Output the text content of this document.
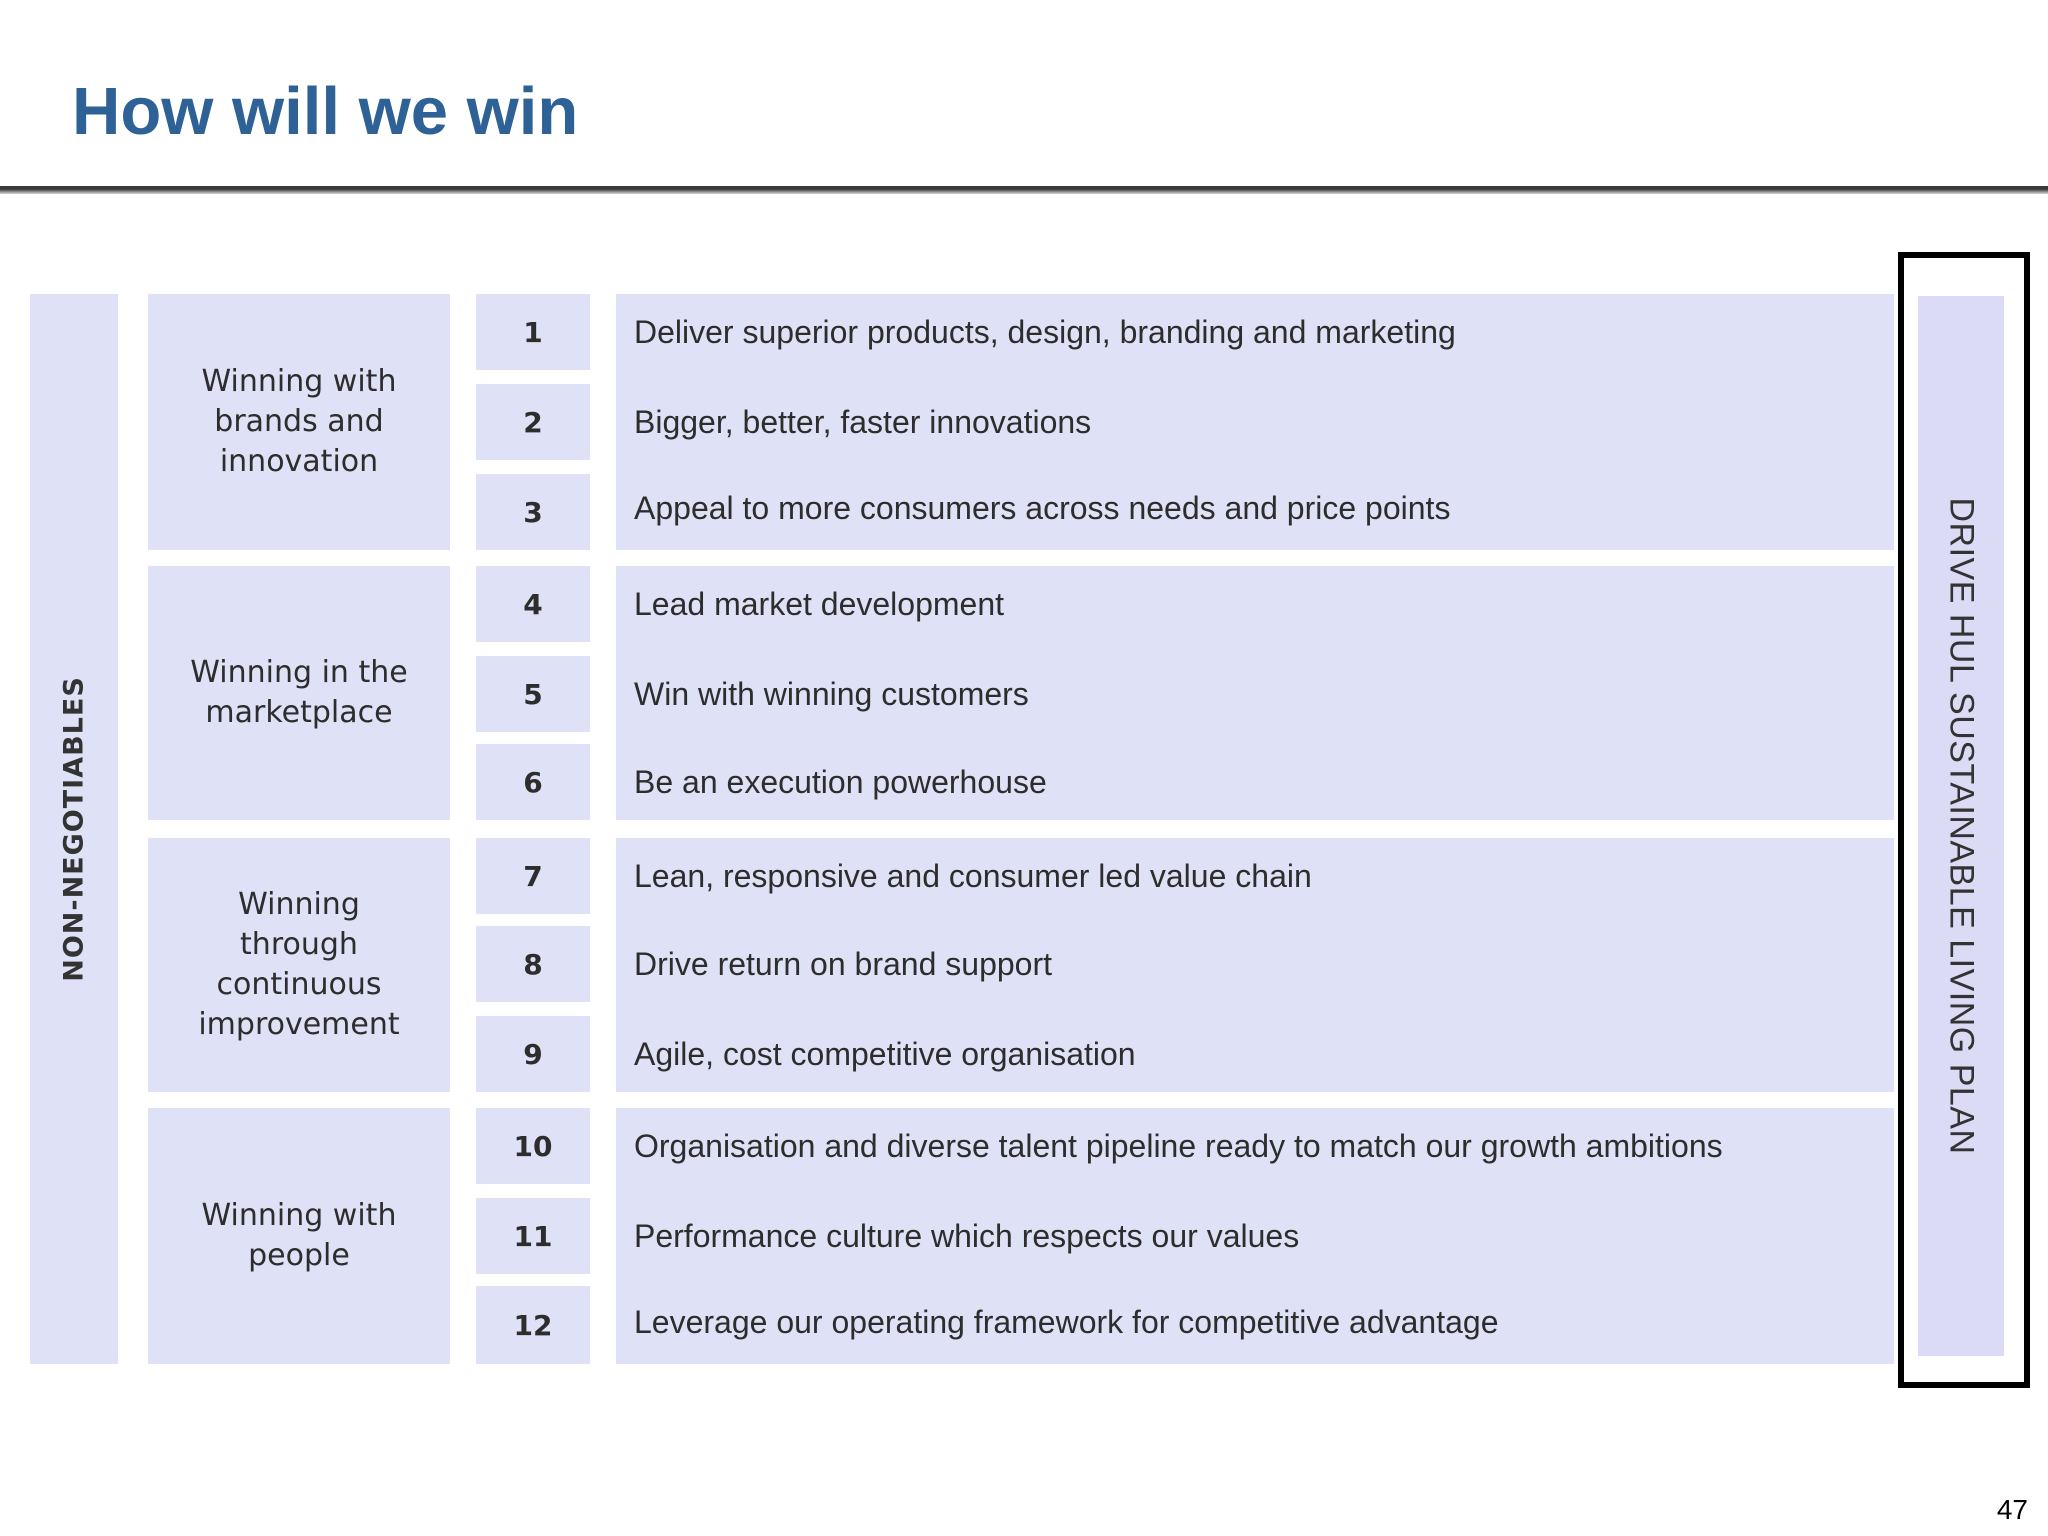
How will we win
NON-NEGOTIABLES
Winning with brands and innovation
Winning in the marketplace
Winning through continuous improvement
Winning with people
1
2
3
4
5
6
7
8
9
10
11
12
Deliver superior products, design, branding and marketing
Bigger, better, faster innovations
Appeal to more consumers across needs and price points
Lead market development
Win with winning customers
Be an execution powerhouse
Lean, responsive and consumer led value chain
Drive return on brand support
Agile, cost competitive organisation
Organisation and diverse talent pipeline ready to match our growth ambitions
Performance culture which respects our values
Leverage our operating framework for competitive advantage
DRIVE HUL SUSTAINABLE LIVING PLAN
47
